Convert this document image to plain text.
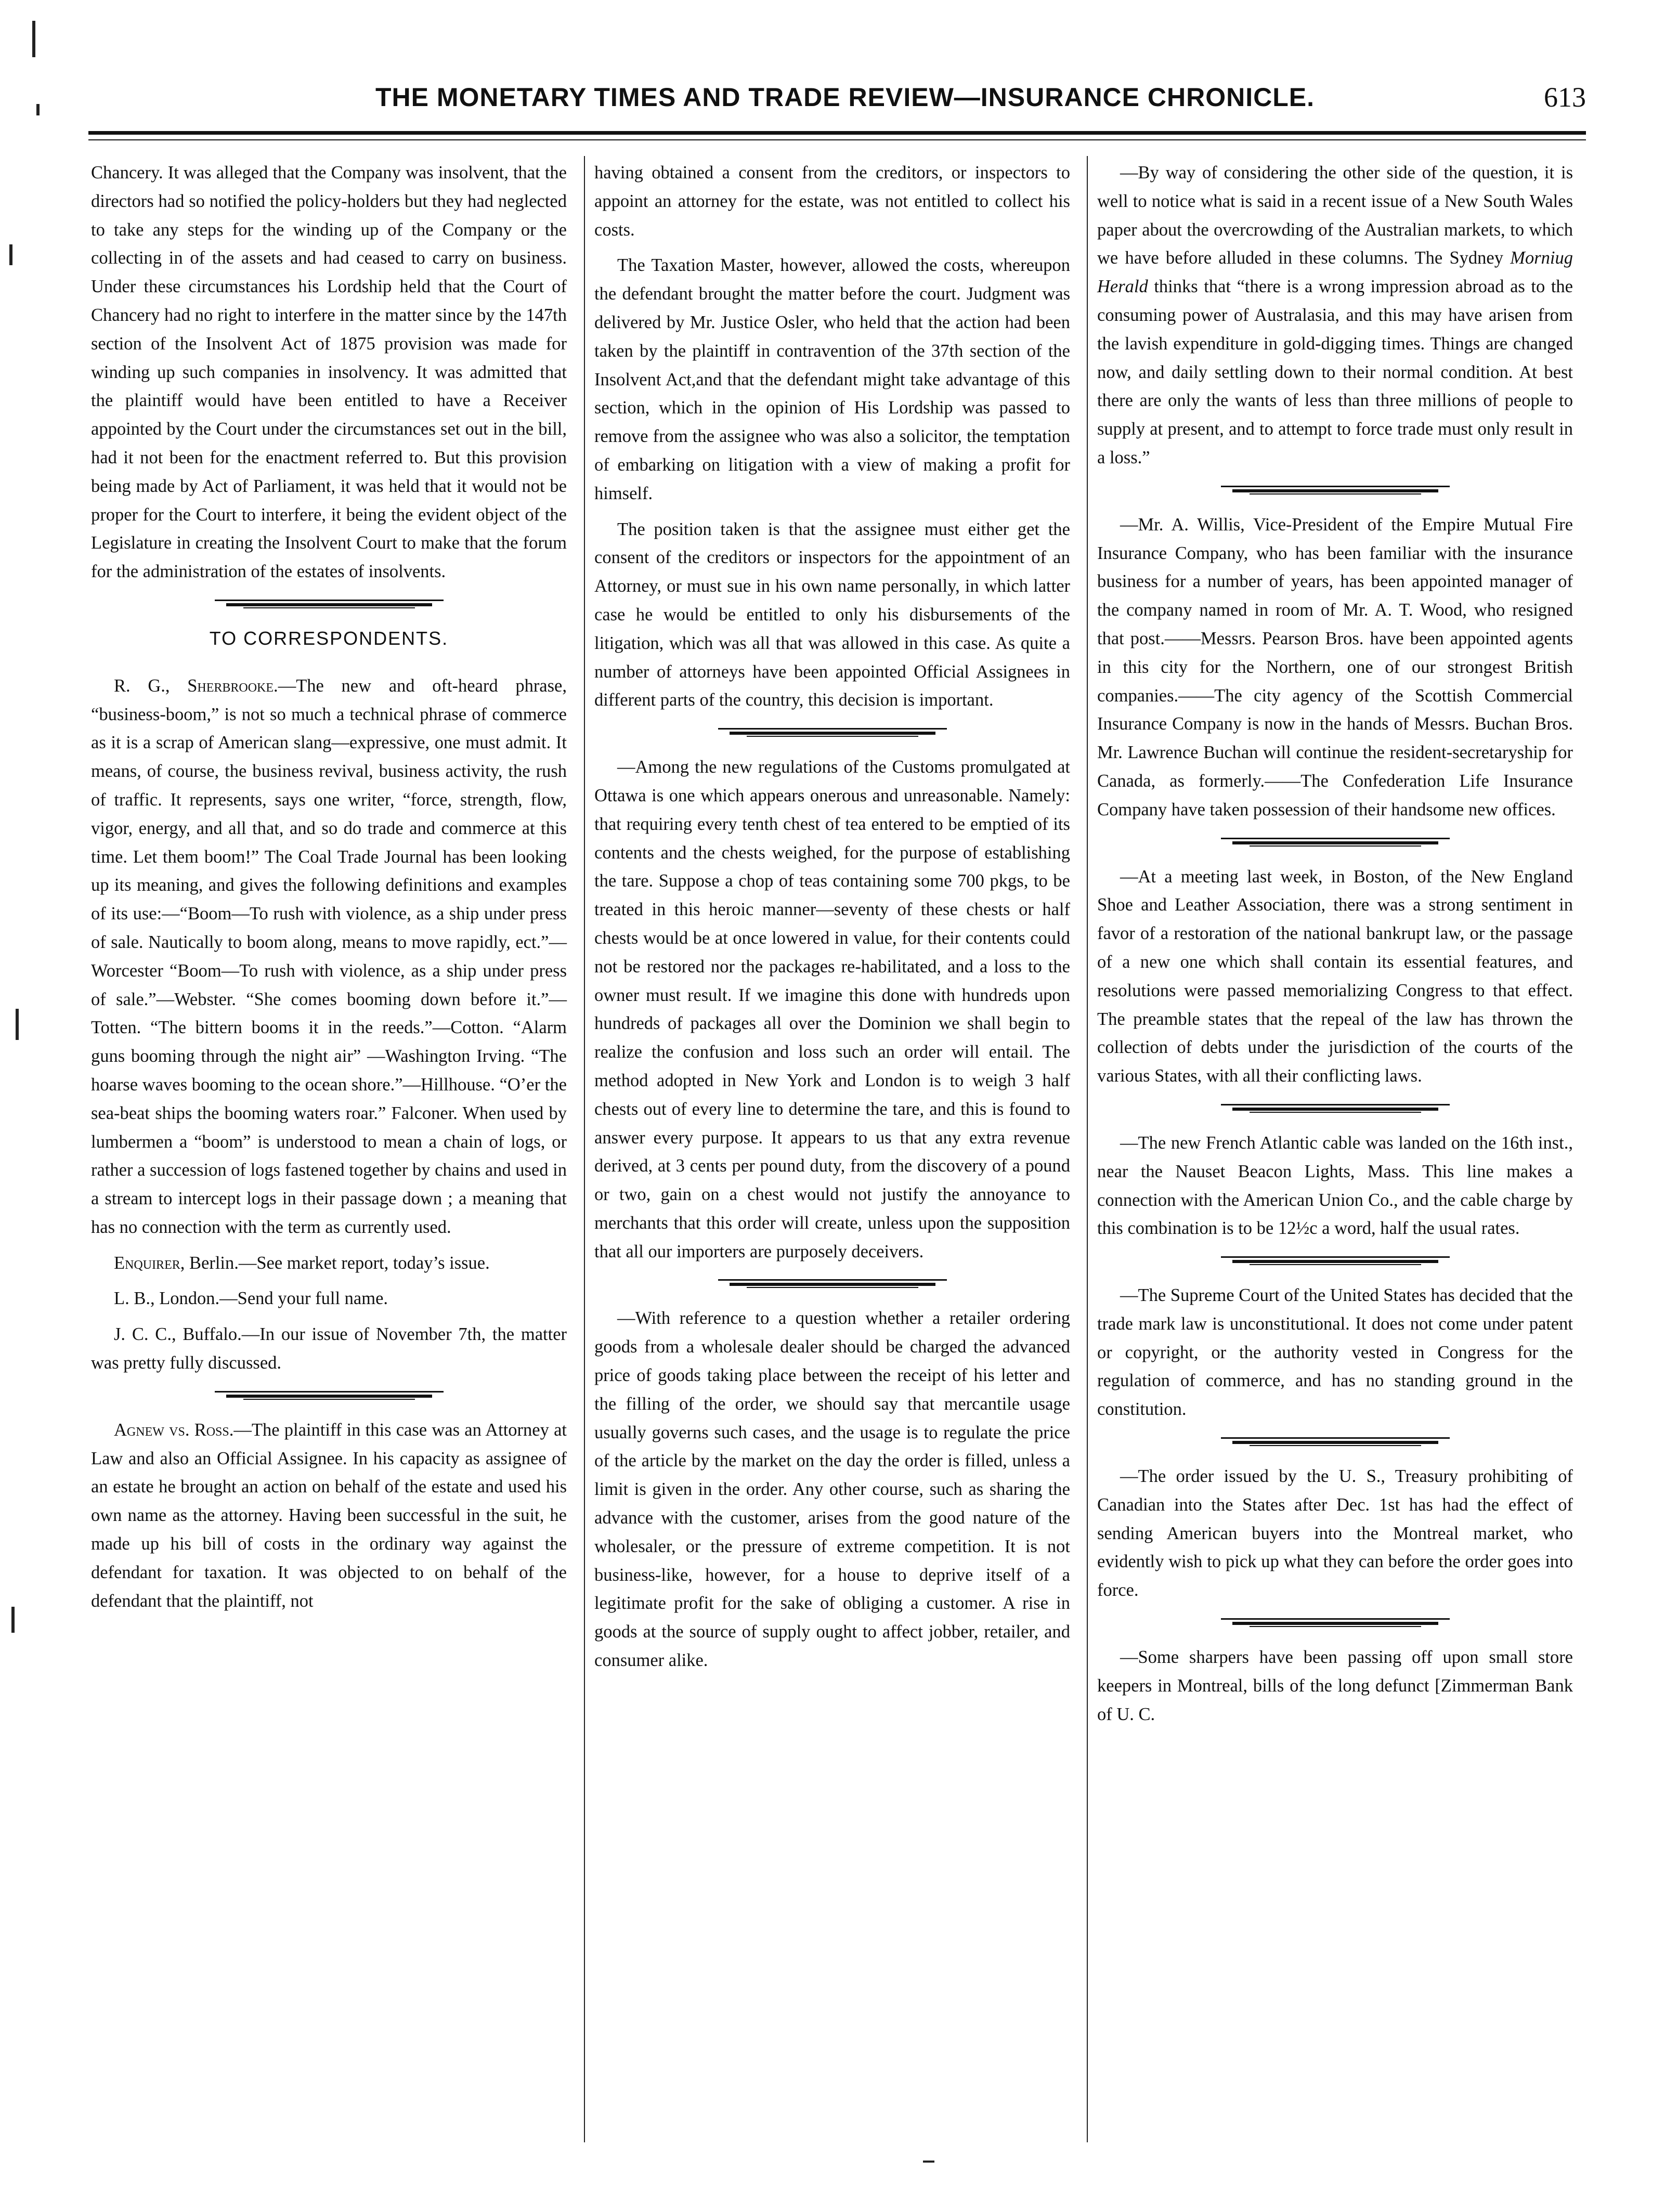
THE MONETARY TIMES AND TRADE REVIEW—INSURANCE CHRONICLE.	613

Chancery. It was alleged that the Company was insolvent, that the directors had so notified the policy-holders but they had neglected to take any steps for the winding up of the Company or the collecting in of the assets and had ceased to carry on business. Under these circumstances his Lordship held that the Court of Chancery had no right to interfere in the matter since by the 147th section of the Insolvent Act of 1875 provision was made for winding up such companies in insolvency. It was admitted that the plaintiff would have been entitled to have a Receiver appointed by the Court under the circumstances set out in the bill, had it not been for the enactment referred to. But this provision being made by Act of Parliament, it was held that it would not be proper for the Court to interfere, it being the evident object of the Legislature in creating the Insolvent Court to make that the forum for the administration of the estates of insolvents.

TO CORRESPONDENTS.

R. G., Sherbrooke.—The new and oft-heard phrase, “business-boom,” is not so much a technical phrase of commerce as it is a scrap of American slang—expressive, one must admit. It means, of course, the business revival, business activity, the rush of traffic. It represents, says one writer, “force, strength, flow, vigor, energy, and all that, and so do trade and commerce at this time. Let them boom!” The Coal Trade Journal has been looking up its meaning, and gives the following definitions and examples of its use:—“Boom—To rush with violence, as a ship under press of sale. Nautically to boom along, means to move rapidly, ect.”—Worcester “Boom—To rush with violence, as a ship under press of sale.”—Webster. “She comes booming down before it.”—Totten. “The bittern booms it in the reeds.”—Cotton. “Alarm guns booming through the night air” —Washington Irving. “The hoarse waves booming to the ocean shore.”—Hillhouse. “O’er the sea-beat ships the booming waters roar.” Falconer. When used by lumbermen a “boom” is understood to mean a chain of logs, or rather a succession of logs fastened together by chains and used in a stream to intercept logs in their passage down ; a meaning that has no connection with the term as currently used.

Enquirer, Berlin.—See market report, today’s issue.

L. B., London.—Send your full name.

J. C. C., Buffalo.—In our issue of November 7th, the matter was pretty fully discussed.

Agnew vs. Ross.—The plaintiff in this case was an Attorney at Law and also an Official Assignee. In his capacity as assignee of an estate he brought an action on behalf of the estate and used his own name as the attorney. Having been successful in the suit, he made up his bill of costs in the ordinary way against the defendant for taxation. It was objected to on behalf of the defendant that the plaintiff, not

having obtained a consent from the creditors, or inspectors to appoint an attorney for the estate, was not entitled to collect his costs.

The Taxation Master, however, allowed the costs, whereupon the defendant brought the matter before the court. Judgment was delivered by Mr. Justice Osler, who held that the action had been taken by the plaintiff in contravention of the 37th section of the Insolvent Act,and that the defendant might take advantage of this section, which in the opinion of His Lordship was passed to remove from the assignee who was also a solicitor, the temptation of embarking on litigation with a view of making a profit for himself.

The position taken is that the assignee must either get the consent of the creditors or inspectors for the appointment of an Attorney, or must sue in his own name personally, in which latter case he would be entitled to only his disbursements of the litigation, which was all that was allowed in this case. As quite a number of attorneys have been appointed Official Assignees in different parts of the country, this decision is important.

—Among the new regulations of the Customs promulgated at Ottawa is one which appears onerous and unreasonable. Namely: that requiring every tenth chest of tea entered to be emptied of its contents and the chests weighed, for the purpose of establishing the tare. Suppose a chop of teas containing some 700 pkgs, to be treated in this heroic manner—seventy of these chests or half chests would be at once lowered in value, for their contents could not be restored nor the packages re-habilitated, and a loss to the owner must result. If we imagine this done with hundreds upon hundreds of packages all over the Dominion we shall begin to realize the confusion and loss such an order will entail. The method adopted in New York and London is to weigh 3 half chests out of every line to determine the tare, and this is found to answer every purpose. It appears to us that any extra revenue derived, at 3 cents per pound duty, from the discovery of a pound or two, gain on a chest would not justify the annoyance to merchants that this order will create, unless upon the supposition that all our importers are purposely deceivers.

—With reference to a question whether a retailer ordering goods from a wholesale dealer should be charged the advanced price of goods taking place between the receipt of his letter and the filling of the order, we should say that mercantile usage usually governs such cases, and the usage is to regulate the price of the article by the market on the day the order is filled, unless a limit is given in the order. Any other course, such as sharing the advance with the customer, arises from the good nature of the wholesaler, or the pressure of extreme competition. It is not business-like, however, for a house to deprive itself of a legitimate profit for the sake of obliging a customer. A rise in goods at the source of supply ought to affect jobber, retailer, and consumer alike.

—By way of considering the other side of the question, it is well to notice what is said in a recent issue of a New South Wales paper about the overcrowding of the Australian markets, to which we have before alluded in these columns. The Sydney Morniug Herald thinks that “there is a wrong impression abroad as to the consuming power of Australasia, and this may have arisen from the lavish expenditure in gold-digging times. Things are changed now, and daily settling down to their normal condition. At best there are only the wants of less than three millions of people to supply at present, and to attempt to force trade must only result in a loss.”

—Mr. A. Willis, Vice-President of the Empire Mutual Fire Insurance Company, who has been familiar with the insurance business for a number of years, has been appointed manager of the company named in room of Mr. A. T. Wood, who resigned that post.——Messrs. Pearson Bros. have been appointed agents in this city for the Northern, one of our strongest British companies.——The city agency of the Scottish Commercial Insurance Company is now in the hands of Messrs. Buchan Bros. Mr. Lawrence Buchan will continue the resident-secretaryship for Canada, as formerly.——The Confederation Life Insurance Company have taken possession of their handsome new offices.

—At a meeting last week, in Boston, of the New England Shoe and Leather Association, there was a strong sentiment in favor of a restoration of the national bankrupt law, or the passage of a new one which shall contain its essential features, and resolutions were passed memorializing Congress to that effect. The preamble states that the repeal of the law has thrown the collection of debts under the jurisdiction of the courts of the various States, with all their conflicting laws.

—The new French Atlantic cable was landed on the 16th inst., near the Nauset Beacon Lights, Mass. This line makes a connection with the American Union Co., and the cable charge by this combination is to be 12½c a word, half the usual rates.

—The Supreme Court of the United States has decided that the trade mark law is unconstitutional. It does not come under patent or copyright, or the authority vested in Congress for the regulation of commerce, and has no standing ground in the constitution.

—The order issued by the U. S., Treasury prohibiting of Canadian into the States after Dec. 1st has had the effect of sending American buyers into the Montreal market, who evidently wish to pick up what they can before the order goes into force.

—Some sharpers have been passing off upon small store keepers in Montreal, bills of the long defunct [Zimmerman Bank of U. C.
